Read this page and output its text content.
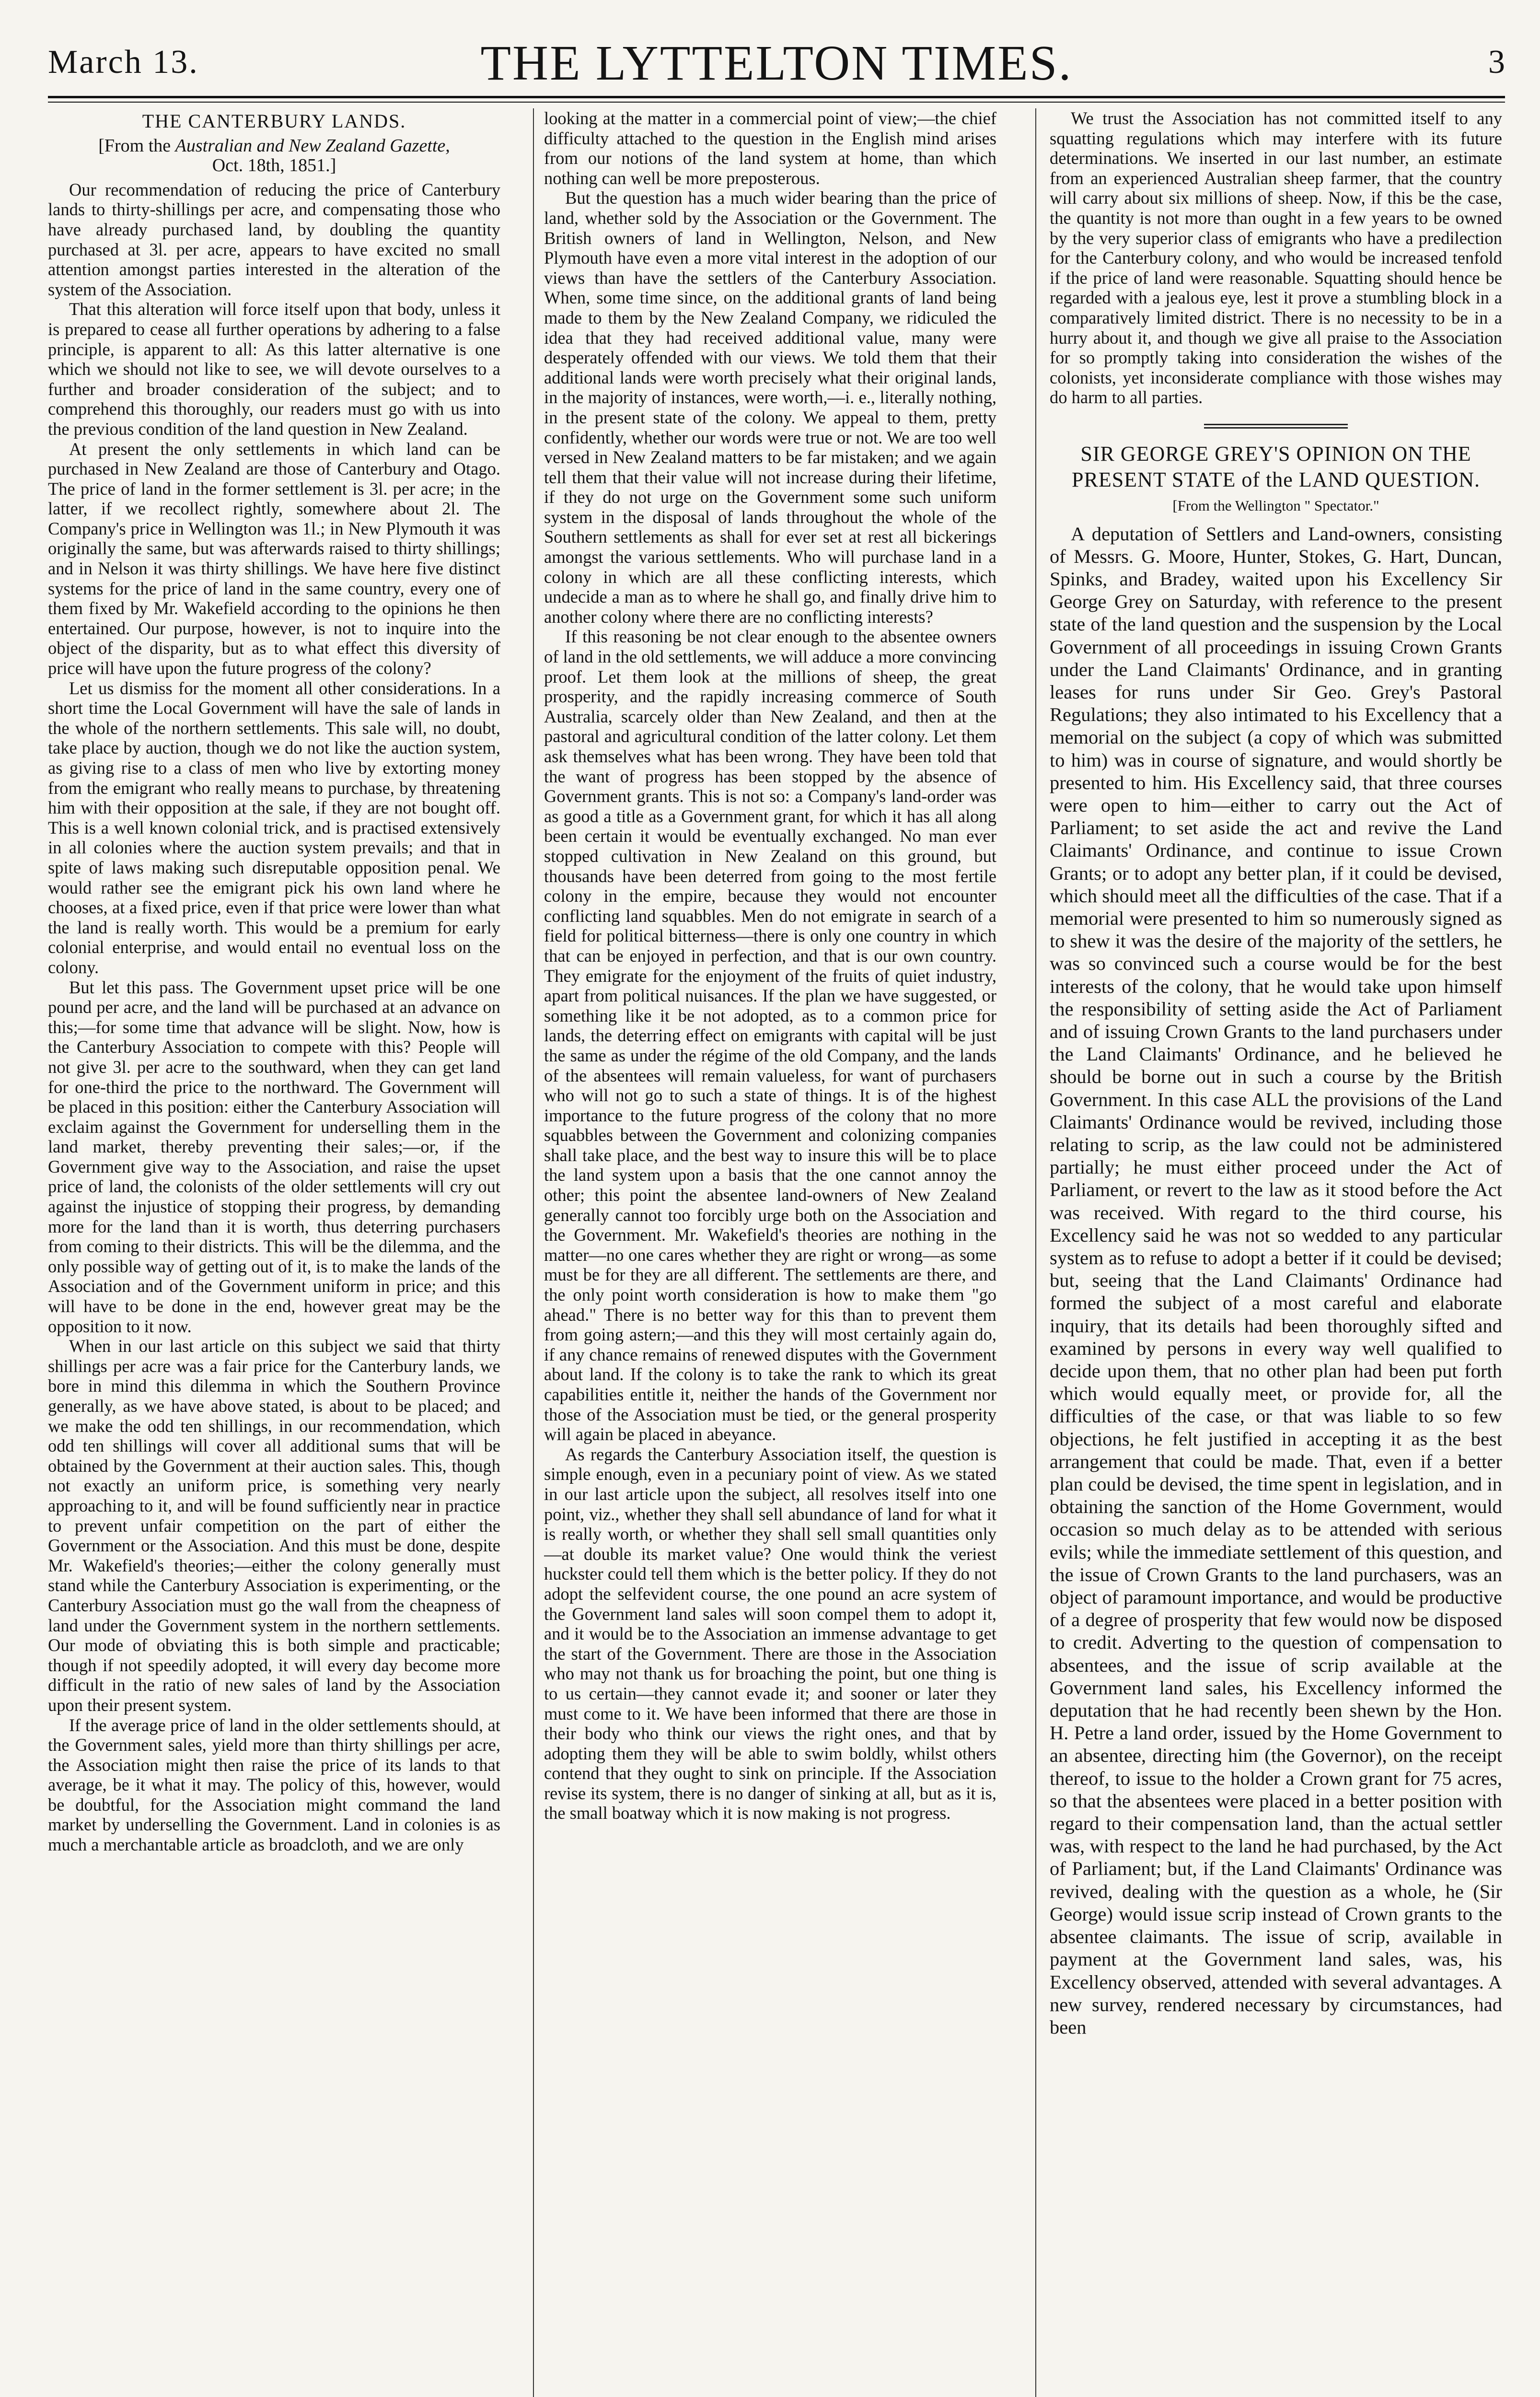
March 13.	THE LYTTELTON TIMES.	3
THE CANTERBURY LANDS.
[From the Australian and New Zealand Gazette,
Oct. 18th, 1851.]

Our recommendation of reducing the price of Canterbury lands to thirty-shillings per acre, and compensating those who have already purchased land, by doubling the quantity purchased at 3l. per acre, appears to have excited no small attention amongst parties interested in the alteration of the system of the Association.

That this alteration will force itself upon that body, unless it is prepared to cease all further operations by adhering to a false principle, is apparent to all: As this latter alternative is one which we should not like to see, we will devote ourselves to a further and broader consideration of the subject; and to comprehend this thoroughly, our readers must go with us into the previous condition of the land question in New Zealand.

At present the only settlements in which land can be purchased in New Zealand are those of Canterbury and Otago. The price of land in the former settlement is 3l. per acre; in the latter, if we recollect rightly, somewhere about 2l. The Company's price in Wellington was 1l.; in New Plymouth it was originally the same, but was afterwards raised to thirty shillings; and in Nelson it was thirty shillings. We have here five distinct systems for the price of land in the same country, every one of them fixed by Mr. Wakefield according to the opinions he then entertained. Our purpose, however, is not to inquire into the object of the disparity, but as to what effect this diversity of price will have upon the future progress of the colony?

Let us dismiss for the moment all other considerations. In a short time the Local Government will have the sale of lands in the whole of the northern settlements. This sale will, no doubt, take place by auction, though we do not like the auction system, as giving rise to a class of men who live by extorting money from the emigrant who really means to purchase, by threatening him with their opposition at the sale, if they are not bought off. This is a well known colonial trick, and is practised extensively in all colonies where the auction system prevails; and that in spite of laws making such disreputable opposition penal. We would rather see the emigrant pick his own land where he chooses, at a fixed price, even if that price were lower than what the land is really worth. This would be a premium for early colonial enterprise, and would entail no eventual loss on the colony.

But let this pass. The Government upset price will be one pound per acre, and the land will be purchased at an advance on this;—for some time that advance will be slight. Now, how is the Canterbury Association to compete with this? People will not give 3l. per acre to the southward, when they can get land for one-third the price to the northward. The Government will be placed in this position: either the Canterbury Association will exclaim against the Government for underselling them in the land market, thereby preventing their sales;—or, if the Government give way to the Association, and raise the upset price of land, the colonists of the older settlements will cry out against the injustice of stopping their progress, by demanding more for the land than it is worth, thus deterring purchasers from coming to their districts. This will be the dilemma, and the only possible way of getting out of it, is to make the lands of the Association and of the Government uniform in price; and this will have to be done in the end, however great may be the opposition to it now.

When in our last article on this subject we said that thirty shillings per acre was a fair price for the Canterbury lands, we bore in mind this dilemma in which the Southern Province generally, as we have above stated, is about to be placed; and we make the odd ten shillings, in our recommendation, which odd ten shillings will cover all additional sums that will be obtained by the Government at their auction sales. This, though not exactly an uniform price, is something very nearly approaching to it, and will be found sufficiently near in practice to prevent unfair competition on the part of either the Government or the Association. And this must be done, despite Mr. Wakefield's theories;—either the colony generally must stand while the Canterbury Association is experimenting, or the Canterbury Association must go the wall from the cheapness of land under the Government system in the northern settlements. Our mode of obviating this is both simple and practicable; though if not speedily adopted, it will every day become more difficult in the ratio of new sales of land by the Association upon their present system.

If the average price of land in the older settlements should, at the Government sales, yield more than thirty shillings per acre, the Association might then raise the price of its lands to that average, be it what it may. The policy of this, however, would be doubtful, for the Association might command the land market by underselling the Government. Land in colonies is as much a merchantable article as broadcloth, and we are only

looking at the matter in a commercial point of view;—the chief difficulty attached to the question in the English mind arises from our notions of the land system at home, than which nothing can well be more preposterous.

But the question has a much wider bearing than the price of land, whether sold by the Association or the Government. The British owners of land in Wellington, Nelson, and New Plymouth have even a more vital interest in the adoption of our views than have the settlers of the Canterbury Association. When, some time since, on the additional grants of land being made to them by the New Zealand Company, we ridiculed the idea that they had received additional value, many were desperately offended with our views. We told them that their additional lands were worth precisely what their original lands, in the majority of instances, were worth,—i. e., literally nothing, in the present state of the colony. We appeal to them, pretty confidently, whether our words were true or not. We are too well versed in New Zealand matters to be far mistaken; and we again tell them that their value will not increase during their lifetime, if they do not urge on the Government some such uniform system in the disposal of lands throughout the whole of the Southern settlements as shall for ever set at rest all bickerings amongst the various settlements. Who will purchase land in a colony in which are all these conflicting interests, which undecide a man as to where he shall go, and finally drive him to another colony where there are no conflicting interests?

If this reasoning be not clear enough to the absentee owners of land in the old settlements, we will adduce a more convincing proof. Let them look at the millions of sheep, the great prosperity, and the rapidly increasing commerce of South Australia, scarcely older than New Zealand, and then at the pastoral and agricultural condition of the latter colony. Let them ask themselves what has been wrong. They have been told that the want of progress has been stopped by the absence of Government grants. This is not so: a Company's land-order was as good a title as a Government grant, for which it has all along been certain it would be eventually exchanged. No man ever stopped cultivation in New Zealand on this ground, but thousands have been deterred from going to the most fertile colony in the empire, because they would not encounter conflicting land squabbles. Men do not emigrate in search of a field for political bitterness—there is only one country in which that can be enjoyed in perfection, and that is our own country. They emigrate for the enjoyment of the fruits of quiet industry, apart from political nuisances. If the plan we have suggested, or something like it be not adopted, as to a common price for lands, the deterring effect on emigrants with capital will be just the same as under the régime of the old Company, and the lands of the absentees will remain valueless, for want of purchasers who will not go to such a state of things. It is of the highest importance to the future progress of the colony that no more squabbles between the Government and colonizing companies shall take place, and the best way to insure this will be to place the land system upon a basis that the one cannot annoy the other; this point the absentee land-owners of New Zealand generally cannot too forcibly urge both on the Association and the Government. Mr. Wakefield's theories are nothing in the matter—no one cares whether they are right or wrong—as some must be for they are all different. The settlements are there, and the only point worth consideration is how to make them "go ahead." There is no better way for this than to prevent them from going astern;—and this they will most certainly again do, if any chance remains of renewed disputes with the Government about land. If the colony is to take the rank to which its great capabilities entitle it, neither the hands of the Government nor those of the Association must be tied, or the general prosperity will again be placed in abeyance.

As regards the Canterbury Association itself, the question is simple enough, even in a pecuniary point of view. As we stated in our last article upon the subject, all resolves itself into one point, viz., whether they shall sell abundance of land for what it is really worth, or whether they shall sell small quantities only—at double its market value? One would think the veriest huckster could tell them which is the better policy. If they do not adopt the selfevident course, the one pound an acre system of the Government land sales will soon compel them to adopt it, and it would be to the Association an immense advantage to get the start of the Government. There are those in the Association who may not thank us for broaching the point, but one thing is to us certain—they cannot evade it; and sooner or later they must come to it. We have been informed that there are those in their body who think our views the right ones, and that by adopting them they will be able to swim boldly, whilst others contend that they ought to sink on principle. If the Association revise its system, there is no danger of sinking at all, but as it is, the small boatway which it is now making is not progress.

We trust the Association has not committed itself to any squatting regulations which may interfere with its future determinations. We inserted in our last number, an estimate from an experienced Australian sheep farmer, that the country will carry about six millions of sheep. Now, if this be the case, the quantity is not more than ought in a few years to be owned by the very superior class of emigrants who have a predilection for the Canterbury colony, and who would be increased tenfold if the price of land were reasonable. Squatting should hence be regarded with a jealous eye, lest it prove a stumbling block in a comparatively limited district. There is no necessity to be in a hurry about it, and though we give all praise to the Association for so promptly taking into consideration the wishes of the colonists, yet inconsiderate compliance with those wishes may do harm to all parties.

SIR GEORGE GREY'S OPINION ON THE PRESENT STATE of the LAND QUESTION.
[From the Wellington " Spectator."

A deputation of Settlers and Land-owners, consisting of Messrs. G. Moore, Hunter, Stokes, G. Hart, Duncan, Spinks, and Bradey, waited upon his Excellency Sir George Grey on Saturday, with reference to the present state of the land question and the suspension by the Local Government of all proceedings in issuing Crown Grants under the Land Claimants' Ordinance, and in granting leases for runs under Sir Geo. Grey's Pastoral Regulations; they also intimated to his Excellency that a memorial on the subject (a copy of which was submitted to him) was in course of signature, and would shortly be presented to him. His Excellency said, that three courses were open to him—either to carry out the Act of Parliament; to set aside the act and revive the Land Claimants' Ordinance, and continue to issue Crown Grants; or to adopt any better plan, if it could be devised, which should meet all the difficulties of the case. That if a memorial were presented to him so numerously signed as to shew it was the desire of the majority of the settlers, he was so convinced such a course would be for the best interests of the colony, that he would take upon himself the responsibility of setting aside the Act of Parliament and of issuing Crown Grants to the land purchasers under the Land Claimants' Ordinance, and he believed he should be borne out in such a course by the British Government. In this case ALL the provisions of the Land Claimants' Ordinance would be revived, including those relating to scrip, as the law could not be administered partially; he must either proceed under the Act of Parliament, or revert to the law as it stood before the Act was received. With regard to the third course, his Excellency said he was not so wedded to any particular system as to refuse to adopt a better if it could be devised; but, seeing that the Land Claimants' Ordinance had formed the subject of a most careful and elaborate inquiry, that its details had been thoroughly sifted and examined by persons in every way well qualified to decide upon them, that no other plan had been put forth which would equally meet, or provide for, all the difficulties of the case, or that was liable to so few objections, he felt justified in accepting it as the best arrangement that could be made. That, even if a better plan could be devised, the time spent in legislation, and in obtaining the sanction of the Home Government, would occasion so much delay as to be attended with serious evils; while the immediate settlement of this question, and the issue of Crown Grants to the land purchasers, was an object of paramount importance, and would be productive of a degree of prosperity that few would now be disposed to credit. Adverting to the question of compensation to absentees, and the issue of scrip available at the Government land sales, his Excellency informed the deputation that he had recently been shewn by the Hon. H. Petre a land order, issued by the Home Government to an absentee, directing him (the Governor), on the receipt thereof, to issue to the holder a Crown grant for 75 acres, so that the absentees were placed in a better position with regard to their compensation land, than the actual settler was, with respect to the land he had purchased, by the Act of Parliament; but, if the Land Claimants' Ordinance was revived, dealing with the question as a whole, he (Sir George) would issue scrip instead of Crown grants to the absentee claimants. The issue of scrip, available in payment at the Government land sales, was, his Excellency observed, attended with several advantages. A new survey, rendered necessary by circumstances, had been
